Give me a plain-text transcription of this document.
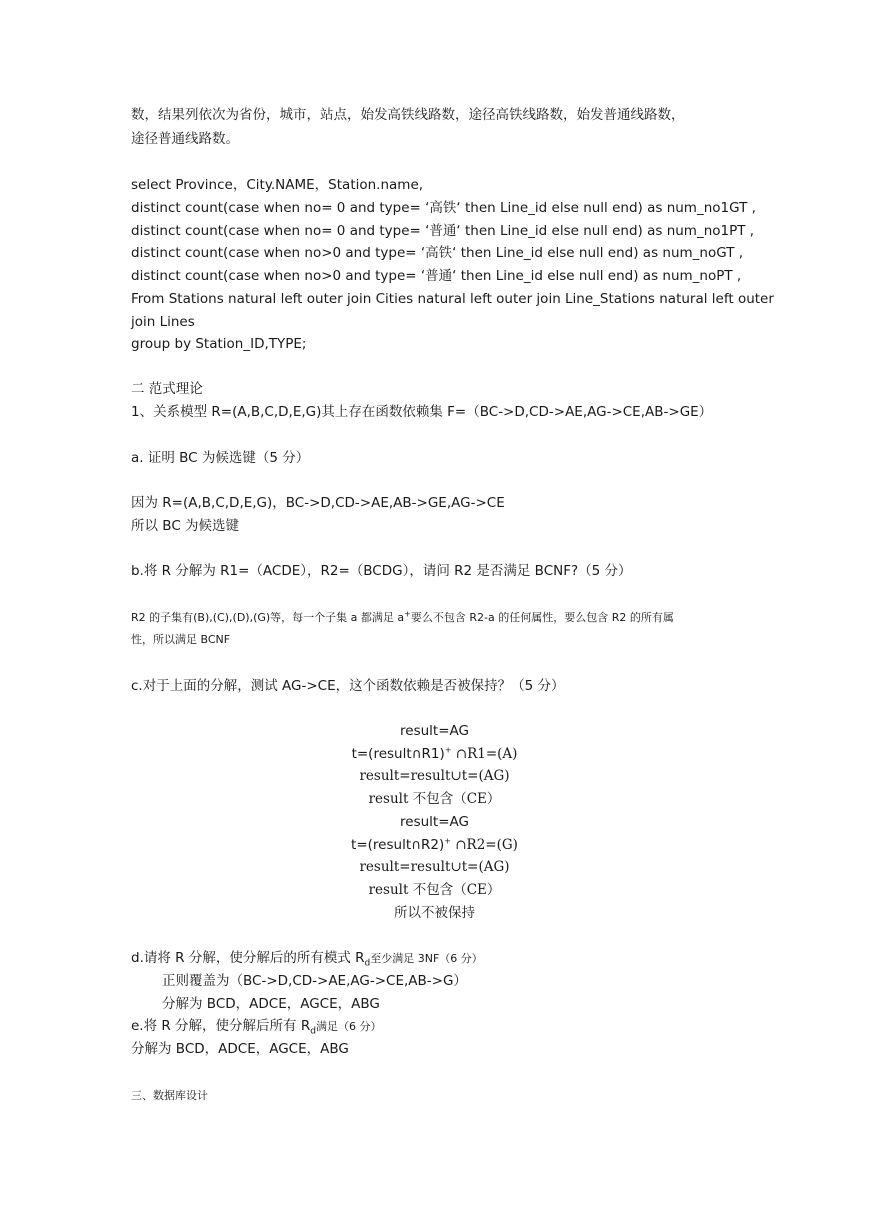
数，结果列依次为省份，城市，站点，始发高铁线路数，途径高铁线路数，始发普通线路数，
途径普通线路数。
select Province，City.NAME，Station.name,
distinct count(case when no= 0 and type= ‘高铁‘ then Line_id else null end) as num_no1GT ,
distinct count(case when no= 0 and type= ‘普通‘ then Line_id else null end) as num_no1PT ,
distinct count(case when no>0 and type= ‘高铁‘ then Line_id else null end) as num_noGT ,
distinct count(case when no>0 and type= ‘普通‘ then Line_id else null end) as num_noPT ,
From Stations natural left outer join Cities natural left outer join Line_Stations natural left outer
join Lines
group by Station_ID,TYPE;
二 范式理论
1、关系模型 R=(A,B,C,D,E,G)其上存在函数依赖集 F=（BC->D,CD->AE,AG->CE,AB->GE）
a. 证明 BC 为候选键（5 分）
因为 R=(A,B,C,D,E,G)，BC->D,CD->AE,AB->GE,AG->CE
所以 BC 为候选键
b.将 R 分解为 R1=（ACDE），R2=（BCDG），请问 R2 是否满足 BCNF?（5 分）
R2 的子集有(B),(C),(D),(G)等，每一个子集 a 都满足 a+要么不包含 R2-a 的任何属性，要么包含 R2 的所有属
性，所以满足 BCNF
c.对于上面的分解，测试 AG->CE，这个函数依赖是否被保持？（5 分）
result=AG
t=(result∩R1)+ ∩R1=(A)
result=result∪t=(AG)
result 不包含（CE）
result=AG
t=(result∩R2)+ ∩R2=(G)
result=result∪t=(AG)
result 不包含（CE）
所以不被保持
d.请将 R 分解，使分解后的所有模式 $R_d$至少满足 3NF（6 分）
正则覆盖为（BC->D,CD->AE,AG->CE,AB->G）
分解为 BCD，ADCE，AGCE，ABG
e.将 R 分解，使分解后所有 $R_d$满足（6 分）
分解为 BCD，ADCE，AGCE，ABG
三、数据库设计
